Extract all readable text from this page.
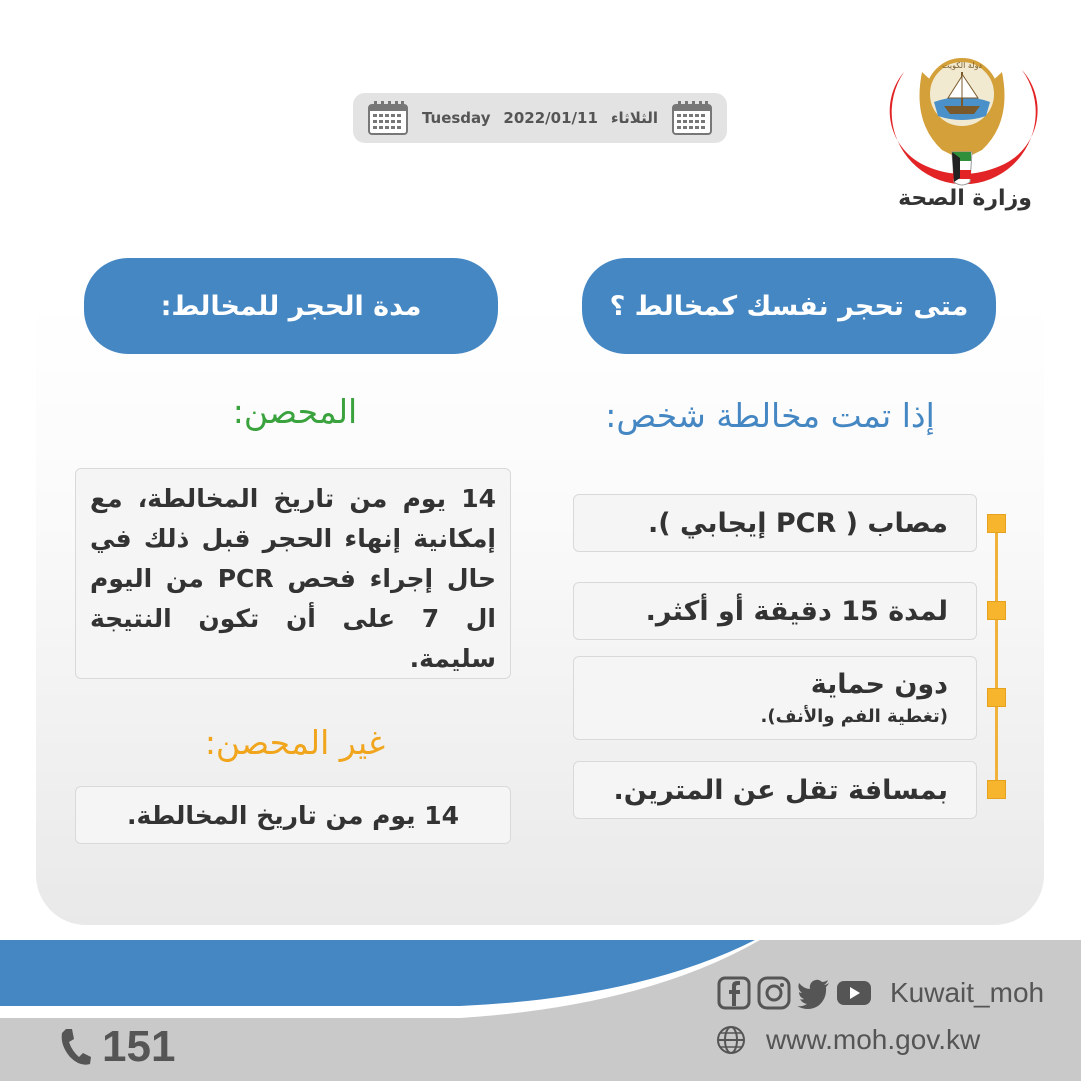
Tuesday 2022/01/11 الثلاثاء
دولة الكويت
وزارة الصحة
متى تحجر نفسك كمخالط ؟
إذا تمت مخالطة شخص:
مصاب ( PCR إيجابي ).
لمدة 15 دقيقة أو أكثر.
دون حماية
(تغطية الفم والأنف).
بمسافة تقل عن المترين.
مدة الحجر للمخالط:
المحصن:
14 يوم من تاريخ المخالطة، مع إمكانية إنهاء الحجر قبل ذلك في حال إجراء فحص PCR من اليوم ال 7 على أن تكون النتيجة سليمة.
غير المحصن:
14 يوم من تاريخ المخالطة.
151
Kuwait_moh
www.moh.gov.kw
